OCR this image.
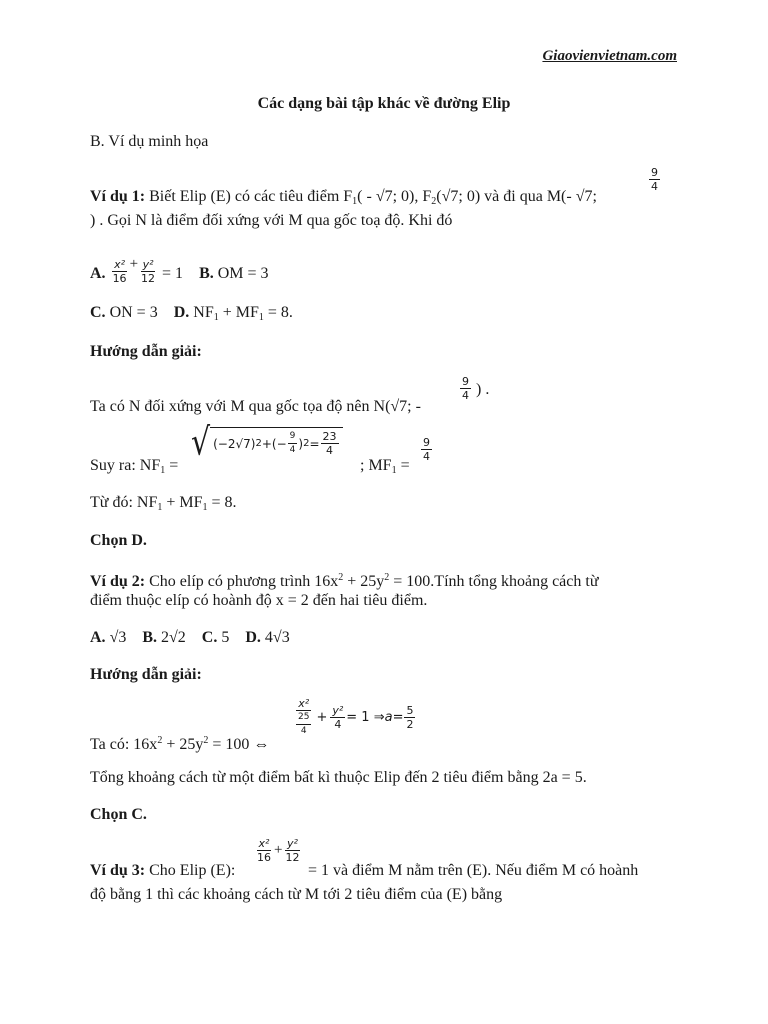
Giaovienvietnam.com
Các dạng bài tập khác về đường Elip
B. Ví dụ minh họa
Ví dụ 1: Biết Elip (E) có các tiêu điểm $F_1( - √7$; 0), $F_2(√7$; 0) và đi qua M(- √7;
$\frac{9}{4}$
) . Gọi N là điểm đối xứng với M qua gốc toạ độ. Khi đó
A. $\frac{\text{x²}}{16} + \frac{\text{y²}}{12} = 1$ B. OM = 3
C. ON = 3 D. $NF_1 + MF_1 = 8$.
Hướng dẫn giải:
Ta có N đối xứng với M qua gốc tọa độ nên N(√7; -
$\frac{9}{4}$ ) .
Suy ra: $NF_1$ =
√ (−2√7) 2 + (− $\frac{9}{4}$ ) $2 = \frac{23}{4}$
; $MF_1$ =
$\frac{9}{4}$
Từ đó: $NF_1 + MF_1 = 8$.
Chọn D.
Ví dụ 2: Cho elíp có phương trình $16x^2 + 25y^2$ = 100.Tính tổng khoảng cách từ
điểm thuộc elíp có hoành độ x = 2 đến hai tiêu điểm.
A. √3 B. 2√2 C. 5 D. 4√3
Hướng dẫn giải:
Ta có: $16x^2 + 25y^2 = 100$ ⇔
$\frac{\text{x²}}{\frac{25}{4}} + \frac{\text{y²}}{4} = 1$ ⇒ $a = \frac{5}{2}$
Tổng khoảng cách từ một điểm bất kì thuộc Elip đến 2 tiêu điểm bằng 2a = 5.
Chọn C.
Ví dụ 3: Cho Elip (E):
$\frac{\text{x²}}{16} + \frac{\text{y²}}{12}$
= 1 và điểm M nằm trên (E). Nếu điểm M có hoành
độ bằng 1 thì các khoảng cách từ M tới 2 tiêu điểm của (E) bằng
